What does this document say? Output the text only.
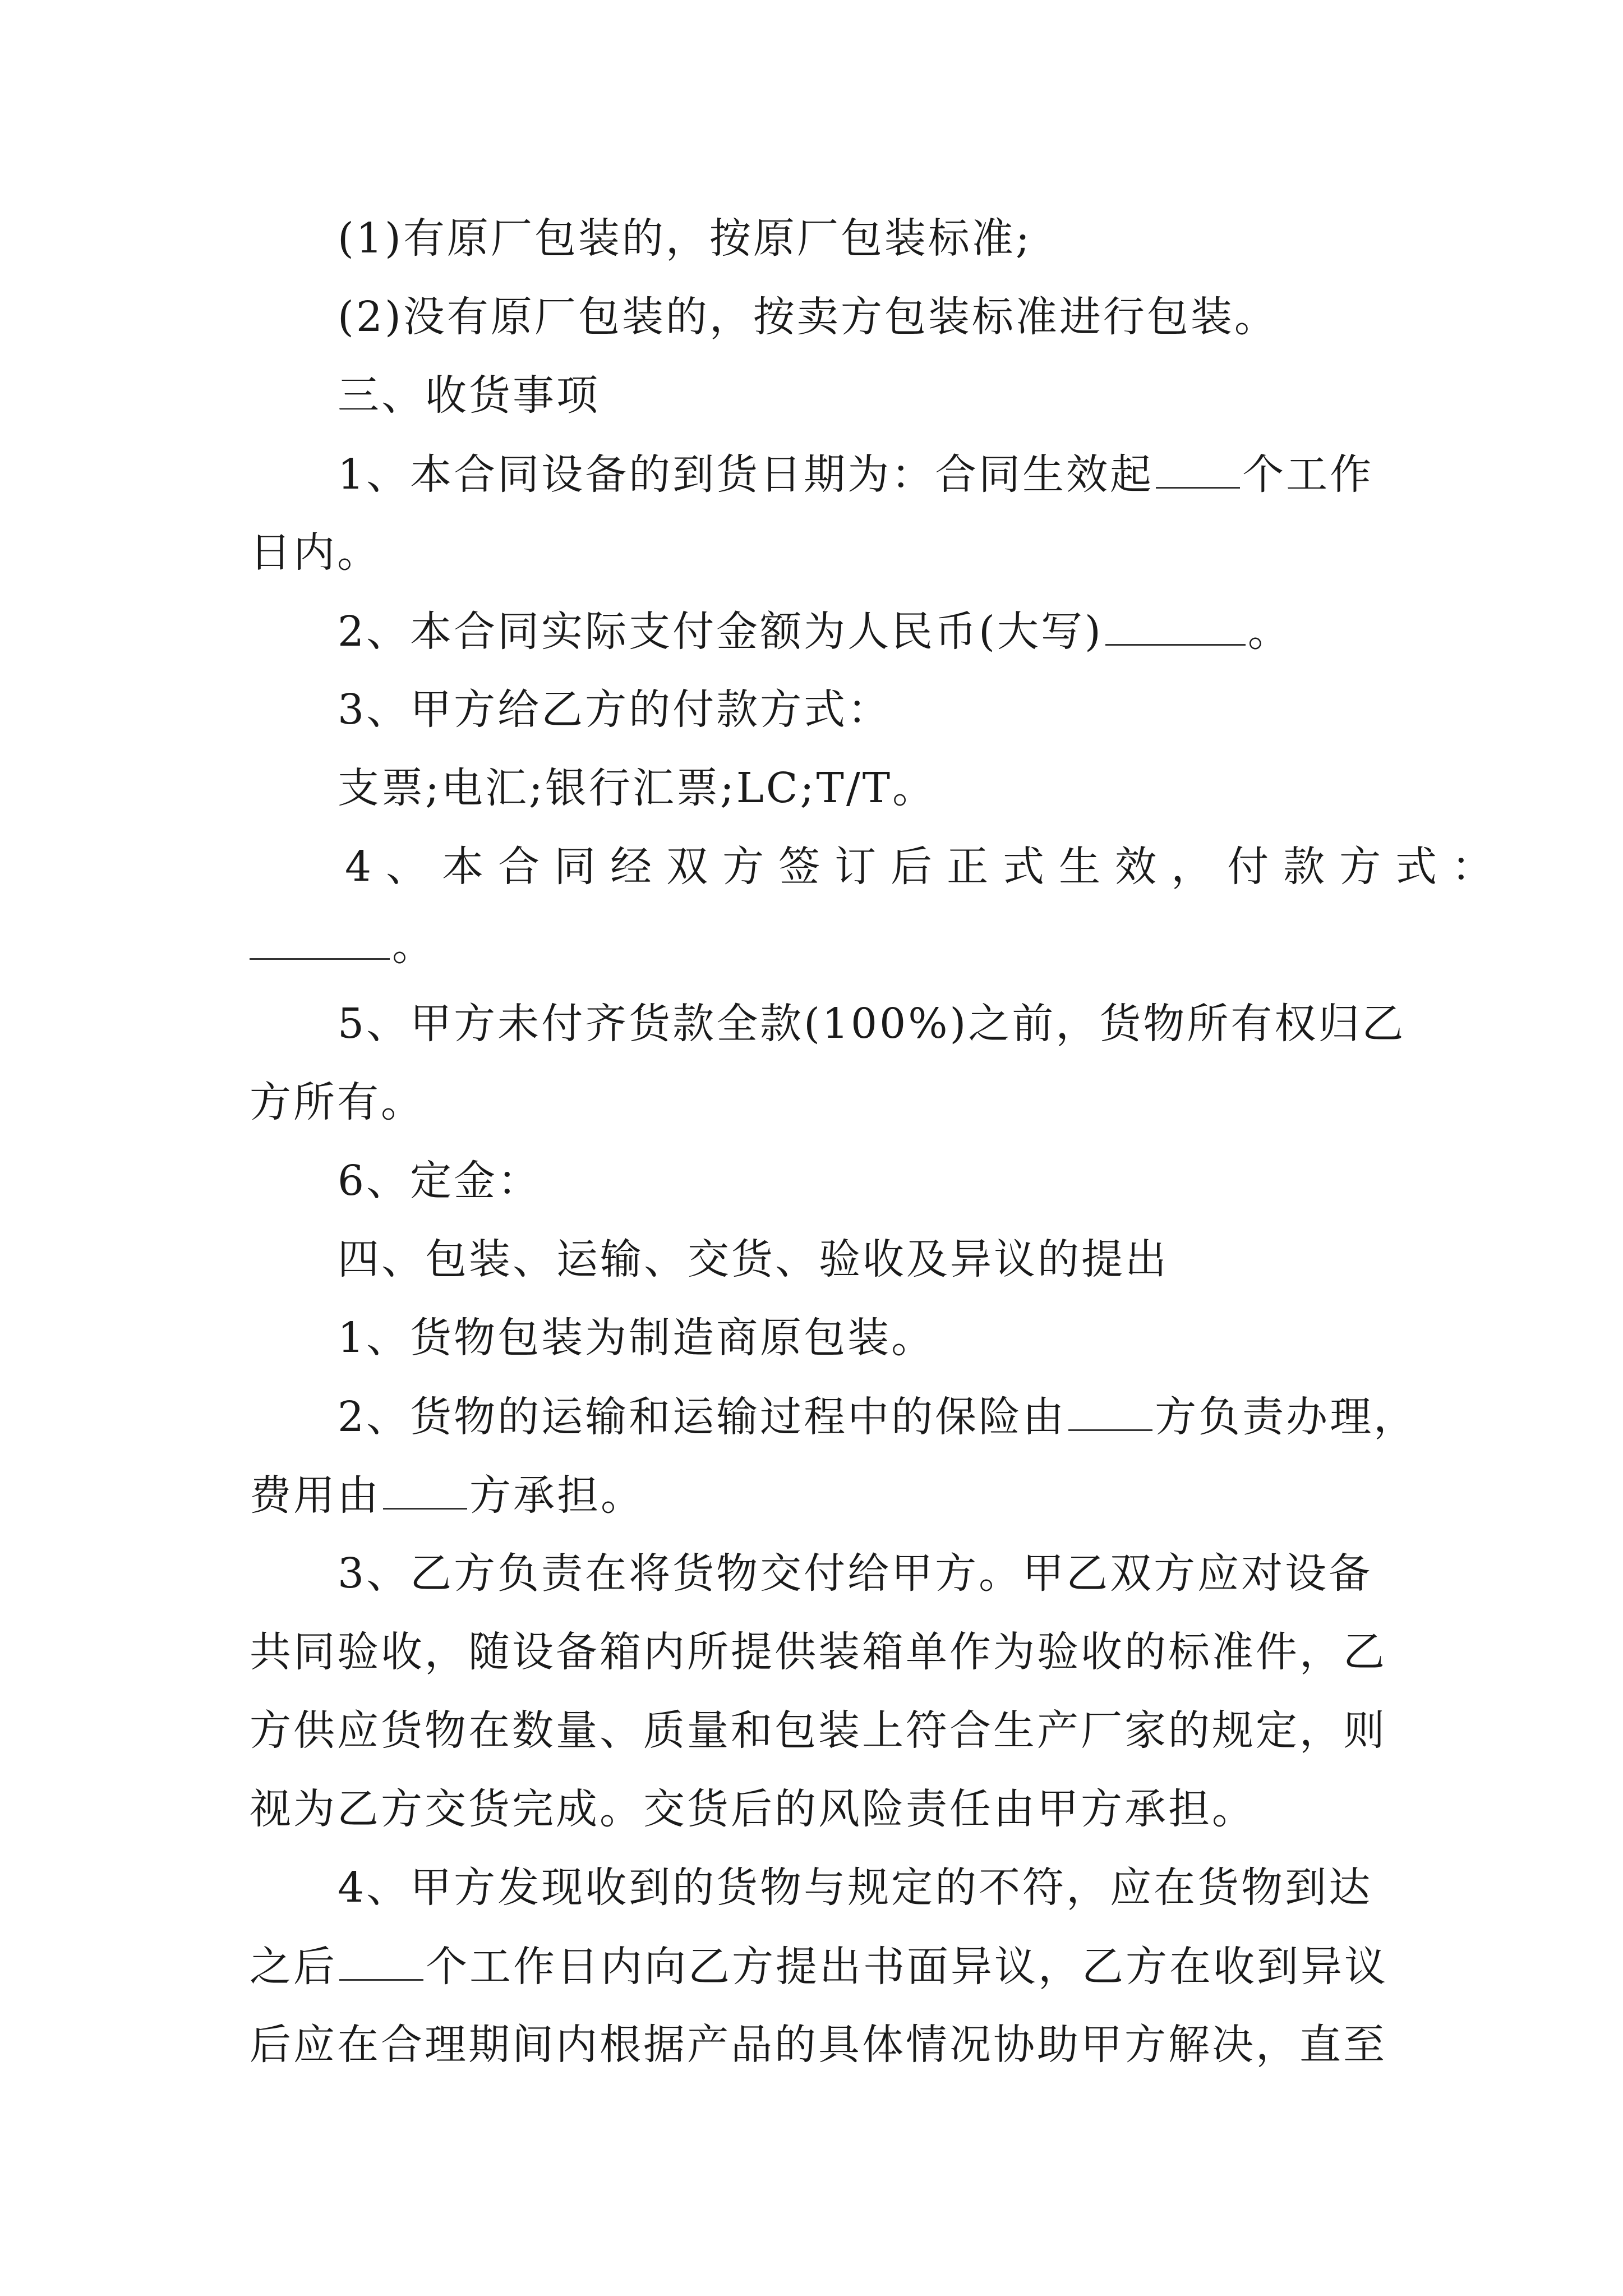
(1)有原厂包装的，按原厂包装标准;
(2)没有原厂包装的，按卖方包装标准进行包装。
三、收货事项
1、本合同设备的到货日期为：合同生效起 个工作
日内。
2、本合同实际支付金额为人民币(大写)	。
3、甲方给乙方的付款方式：
支票;电汇;银行汇票;LC;T/T。
4、本合同经双方签订后正式生效，付款方式：
。
5、甲方未付齐货款全款(100%)之前，货物所有权归乙
方所有。
6、定金：
四、包装、运输、交货、验收及异议的提出
1、货物包装为制造商原包装。
2、货物的运输和运输过程中的保险由 方负责办理，
费用由 方承担。
3、乙方负责在将货物交付给甲方。甲乙双方应对设备
共同验收，随设备箱内所提供装箱单作为验收的标准件，乙
方供应货物在数量、质量和包装上符合生产厂家的规定，则
视为乙方交货完成。交货后的风险责任由甲方承担。
4、甲方发现收到的货物与规定的不符，应在货物到达
之后 个工作日内向乙方提出书面异议，乙方在收到异议
后应在合理期间内根据产品的具体情况协助甲方解决，直至
